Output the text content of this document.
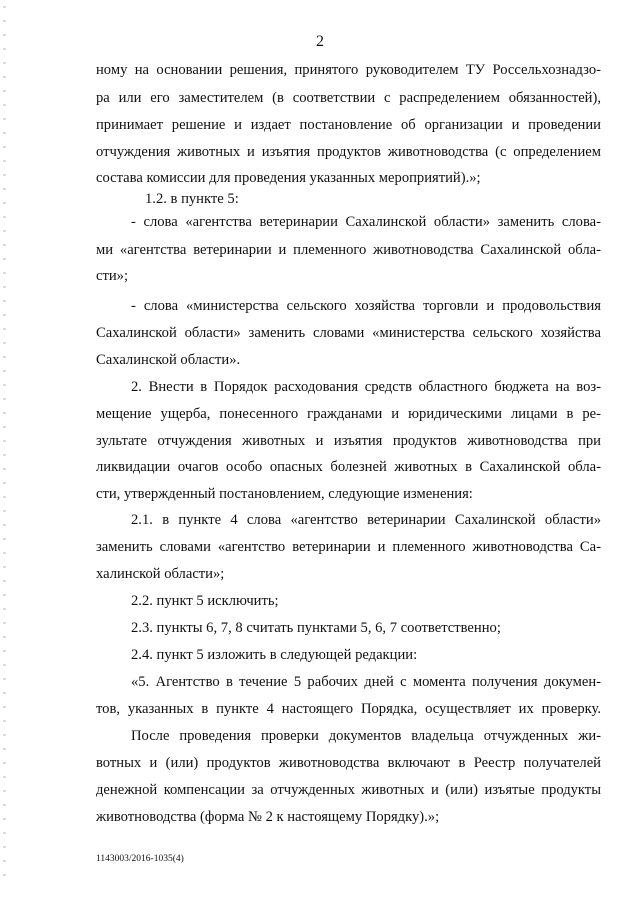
2
ному на основании решения, принятого руководителем ТУ Россельхознадзо-
ра или его заместителем (в соответствии с распределением обязанностей),
принимает решение и издает постановление об организации и проведении
отчуждения животных и изъятия продуктов животноводства (с определением
состава комиссии для проведения указанных мероприятий).»;
1.2. в пункте 5:
- слова «агентства ветеринарии Сахалинской области» заменить слова-
ми «агентства ветеринарии и племенного животноводства Сахалинской обла-
сти»;
- слова «министерства сельского хозяйства торговли и продовольствия
Сахалинской области» заменить словами «министерства сельского хозяйства
Сахалинской области».
2. Внести в Порядок расходования средств областного бюджета на воз-
мещение ущерба, понесенного гражданами и юридическими лицами в ре-
зультате отчуждения животных и изъятия продуктов животноводства при
ликвидации очагов особо опасных болезней животных в Сахалинской обла-
сти, утвержденный постановлением, следующие изменения:
2.1. в пункте 4 слова «агентство ветеринарии Сахалинской области»
заменить словами «агентство ветеринарии и племенного животноводства Са-
халинской области»;
2.2. пункт 5 исключить;
2.3. пункты 6, 7, 8 считать пунктами 5, 6, 7 соответственно;
2.4. пункт 5 изложить в следующей редакции:
«5. Агентство в течение 5 рабочих дней с момента получения докумен-
тов, указанных в пункте 4 настоящего Порядка, осуществляет их проверку.
После проведения проверки документов владельца отчужденных жи-
вотных и (или) продуктов животноводства включают в Реестр получателей
денежной компенсации за отчужденных животных и (или) изъятые продукты
животноводства (форма № 2 к настоящему Порядку).»;
1143003/2016-1035(4)
